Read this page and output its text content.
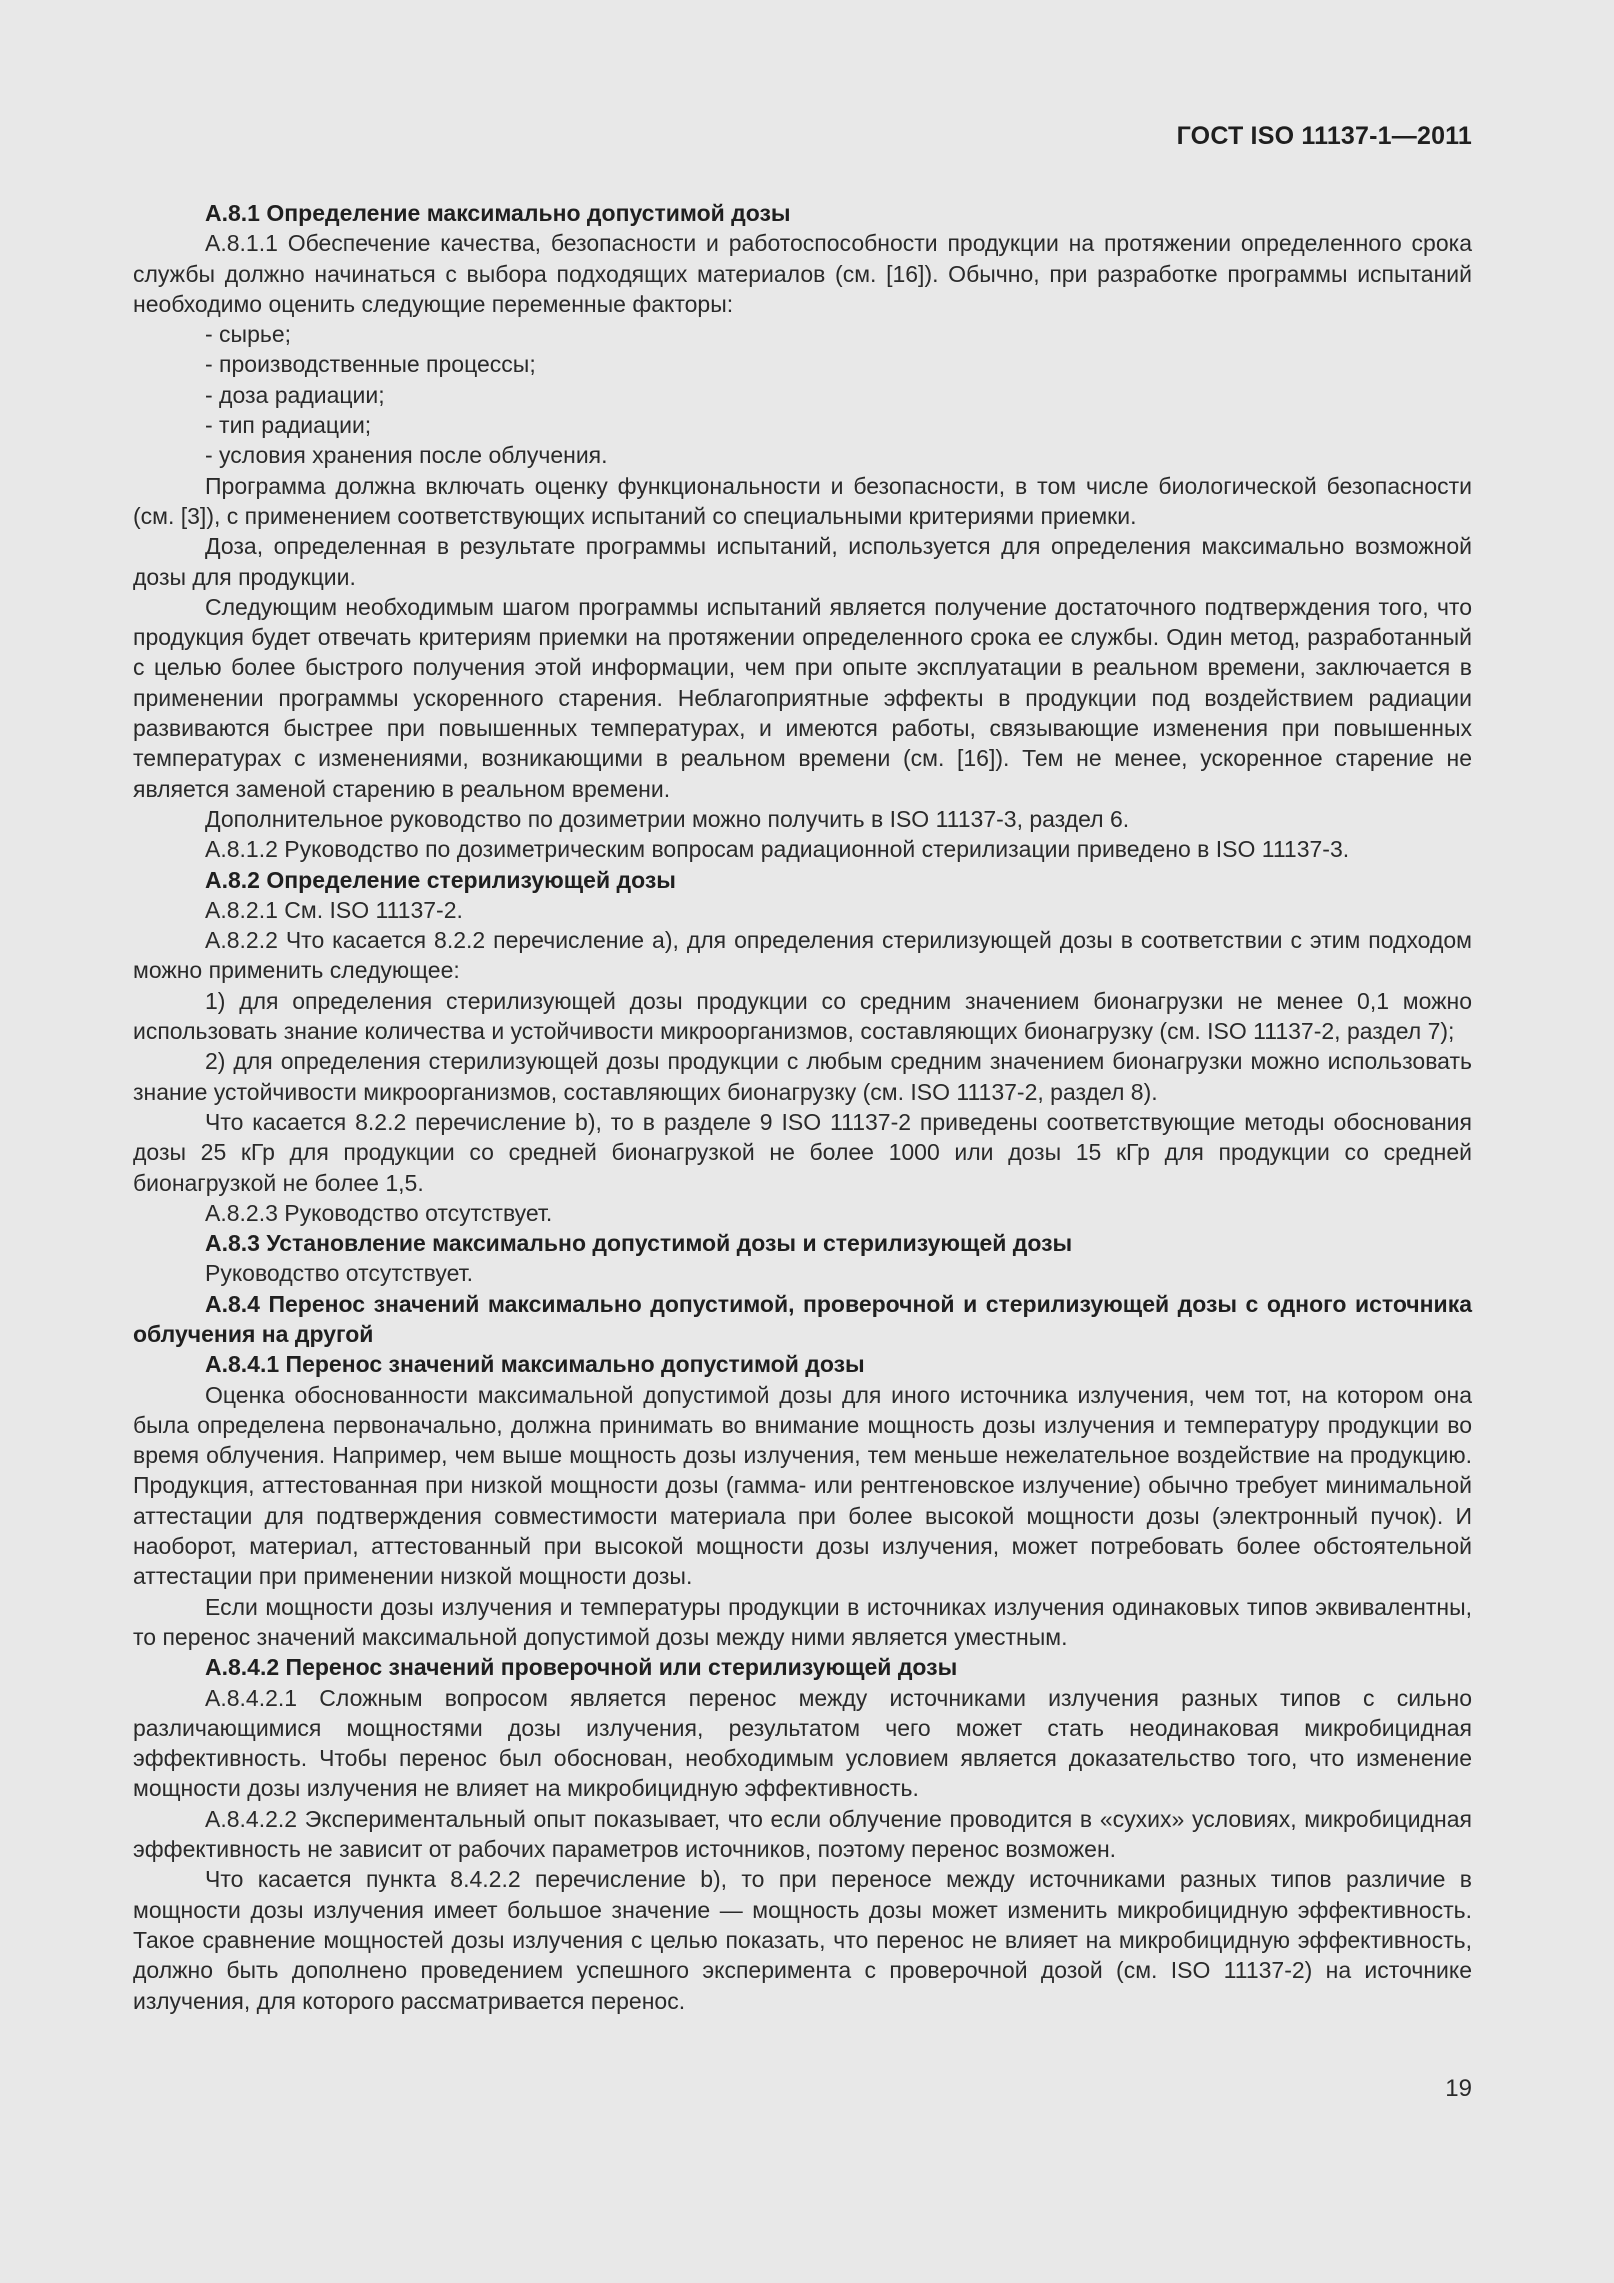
ГОСТ ISO 11137-1—2011

А.8.1 Определение максимально допустимой дозы

А.8.1.1 Обеспечение качества, безопасности и работоспособности продукции на протяжении определенного срока службы должно начинаться с выбора подходящих материалов (см. [16]). Обычно, при разработке программы испытаний необходимо оценить следующие переменные факторы:

- сырье;

- производственные процессы;

- доза радиации;

- тип радиации;

- условия хранения после облучения.

Программа должна включать оценку функциональности и безопасности, в том числе биологической безопасности (см. [3]), с применением соответствующих испытаний со специальными критериями приемки.

Доза, определенная в результате программы испытаний, используется для определения максимально возможной дозы для продукции.

Следующим необходимым шагом программы испытаний является получение достаточного подтверждения того, что продукция будет отвечать критериям приемки на протяжении определенного срока ее службы. Один метод, разработанный с целью более быстрого получения этой информации, чем при опыте эксплуатации в реальном времени, заключается в применении программы ускоренного старения. Неблагоприятные эффекты в продукции под воздействием радиации развиваются быстрее при повышенных температурах, и имеются работы, связывающие изменения при повышенных температурах с изменениями, возникающими в реальном времени (см. [16]). Тем не менее, ускоренное старение не является заменой старению в реальном времени.

Дополнительное руководство по дозиметрии можно получить в ISO 11137-3, раздел 6.

А.8.1.2 Руководство по дозиметрическим вопросам радиационной стерилизации приведено в ISO 11137-3.

А.8.2 Определение стерилизующей дозы

А.8.2.1 См. ISO 11137-2.

А.8.2.2 Что касается 8.2.2 перечисление a), для определения стерилизующей дозы в соответствии с этим подходом можно применить следующее:

1) для определения стерилизующей дозы продукции со средним значением бионагрузки не менее 0,1 можно использовать знание количества и устойчивости микроорганизмов, составляющих бионагрузку (см. ISO 11137-2, раздел 7);

2) для определения стерилизующей дозы продукции с любым средним значением бионагрузки можно использовать знание устойчивости микроорганизмов, составляющих бионагрузку (см. ISO 11137-2, раздел 8).

Что касается 8.2.2 перечисление b), то в разделе 9 ISO 11137-2 приведены соответствующие методы обоснования дозы 25 кГр для продукции со средней бионагрузкой не более 1000 или дозы 15 кГр для продукции со средней бионагрузкой не более 1,5.

А.8.2.3 Руководство отсутствует.

А.8.3 Установление максимально допустимой дозы и стерилизующей дозы

Руководство отсутствует.

А.8.4 Перенос значений максимально допустимой, проверочной и стерилизующей дозы с одного источника облучения на другой

А.8.4.1 Перенос значений максимально допустимой дозы

Оценка обоснованности максимальной допустимой дозы для иного источника излучения, чем тот, на котором она была определена первоначально, должна принимать во внимание мощность дозы излучения и температуру продукции во время облучения. Например, чем выше мощность дозы излучения, тем меньше нежелательное воздействие на продукцию. Продукция, аттестованная при низкой мощности дозы (гамма- или рентгеновское излучение) обычно требует минимальной аттестации для подтверждения совместимости материала при более высокой мощности дозы (электронный пучок). И наоборот, материал, аттестованный при высокой мощности дозы излучения, может потребовать более обстоятельной аттестации при применении низкой мощности дозы.

Если мощности дозы излучения и температуры продукции в источниках излучения одинаковых типов эквивалентны, то перенос значений максимальной допустимой дозы между ними является уместным.

А.8.4.2 Перенос значений проверочной или стерилизующей дозы

А.8.4.2.1 Сложным вопросом является перенос между источниками излучения разных типов с сильно различающимися мощностями дозы излучения, результатом чего может стать неодинаковая микробицидная эффективность. Чтобы перенос был обоснован, необходимым условием является доказательство того, что изменение мощности дозы излучения не влияет на микробицидную эффективность.

А.8.4.2.2 Экспериментальный опыт показывает, что если облучение проводится в «сухих» условиях, микробицидная эффективность не зависит от рабочих параметров источников, поэтому перенос возможен.

Что касается пункта 8.4.2.2 перечисление b), то при переносе между источниками разных типов различие в мощности дозы излучения имеет большое значение — мощность дозы может изменить микробицидную эффективность. Такое сравнение мощностей дозы излучения с целью показать, что перенос не влияет на микробицидную эффективность, должно быть дополнено проведением успешного эксперимента с проверочной дозой (см. ISO 11137-2) на источнике излучения, для которого рассматривается перенос.

19
